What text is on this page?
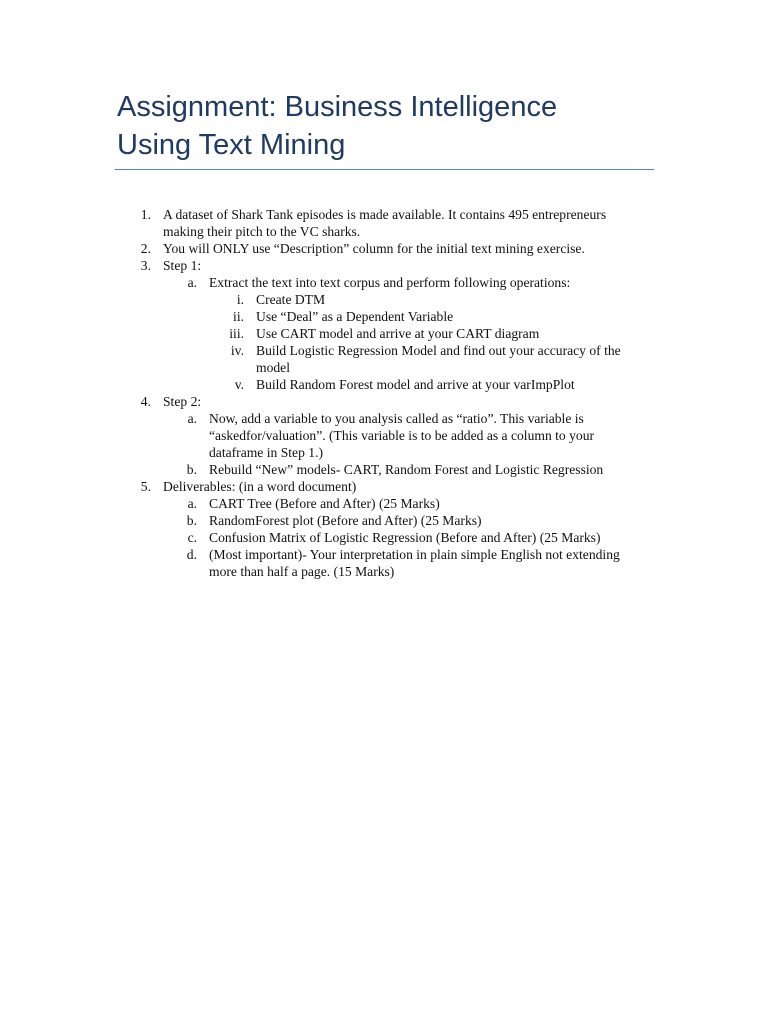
Assignment: Business Intelligence
Using Text Mining
1. A dataset of Shark Tank episodes is made available. It contains 495 entrepreneurs making their pitch to the VC sharks.
2. You will ONLY use “Description” column for the initial text mining exercise.
3. Step 1:
a. Extract the text into text corpus and perform following operations:
i. Create DTM
ii. Use “Deal” as a Dependent Variable
iii. Use CART model and arrive at your CART diagram
iv. Build Logistic Regression Model and find out your accuracy of the model
v. Build Random Forest model and arrive at your varImpPlot
4. Step 2:
a. Now, add a variable to you analysis called as “ratio”. This variable is “askedfor/valuation”. (This variable is to be added as a column to your dataframe in Step 1.)
b. Rebuild “New” models- CART, Random Forest and Logistic Regression
5. Deliverables: (in a word document)
a. CART Tree (Before and After) (25 Marks)
b. RandomForest plot (Before and After) (25 Marks)
c. Confusion Matrix of Logistic Regression (Before and After) (25 Marks)
d. (Most important)- Your interpretation in plain simple English not extending more than half a page. (15 Marks)
